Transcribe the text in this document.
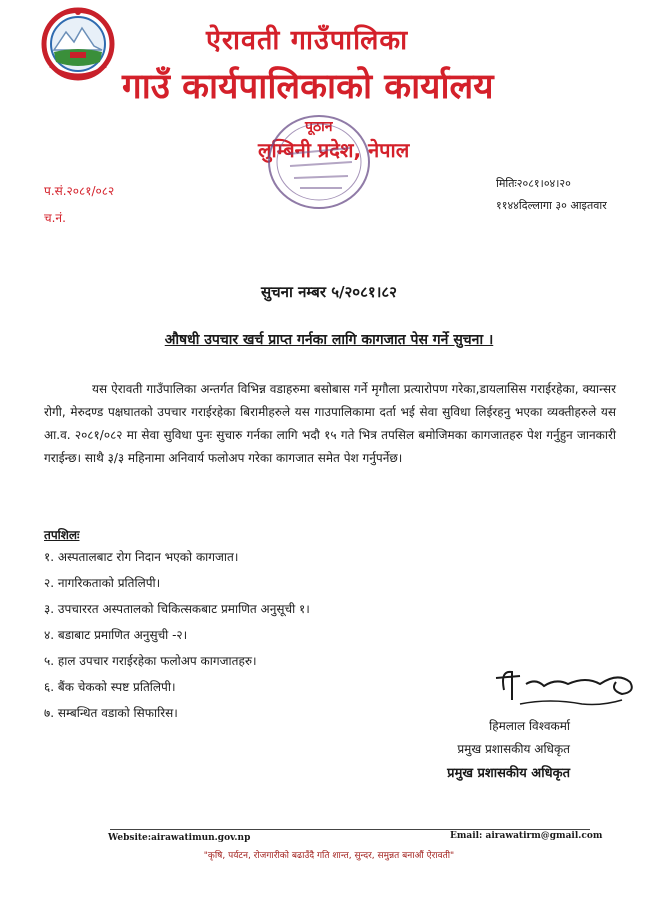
ऐरावती गाउँपालिका
गाउँ कार्यपालिकाको कार्यालय
पूठान
लुम्बिनी प्रदेश, नेपाल
प.सं.२०८१/०८२
च.नं.
मितिः२०८१।०४।२०
११४४दिल्लागा ३० आइतवार
सुचना नम्बर ५/२०८१।८२
औषधी उपचार खर्च प्राप्त गर्नका लागि कागजात पेस गर्ने सुचना ।
यस ऐरावती गाउँपालिका अन्तर्गत विभिन्न वडाहरुमा बसोबास गर्ने मृगौला प्रत्यारोपण गरेका,डायलासिस गराईरहेका, क्यान्सर रोगी, मेरुदण्ड पक्षघातको उपचार गराईरहेका बिरामीहरुले यस गाउपालिकामा दर्ता भई सेवा सुविधा लिईरहनु भएका व्यक्तीहरुले यस आ.व. २०८१/०८२ मा सेवा सुविधा पुनः सुचारु गर्नका लागि भदौ १५ गते भित्र तपसिल बमोजिमका कागजातहरु पेश गर्नुहुन जानकारी गराईन्छ। साथै ३/३ महिनामा अनिवार्य फलोअप गरेका कागजात समेत पेश गर्नुपर्नेछ।
तपशिलः
१. अस्पतालबाट रोग निदान भएको कागजात।
२. नागरिकताको प्रतिलिपी।
३. उपचाररत अस्पतालको चिकित्सकबाट प्रमाणित अनुसूची १।
४. बडाबाट प्रमाणित अनुसुची -२।
५. हाल उपचार गराईरहेका फलोअप कागजातहरु।
६. बैंक चेकको स्पष्ट प्रतिलिपी।
७. सम्बन्धित वडाको सिफारिस।
हिमलाल विश्वकर्मा
प्रमुख प्रशासकीय अधिकृत
प्रमुख प्रशासकीय अधिकृत
Website:airawatimun.gov.np	Email: airawatirm@gmail.com
"कृषि, पर्यटन, रोजगारीको बढाउँदै गति शान्त, सुन्दर, समुन्नत बनाऔं ऐरावती"
